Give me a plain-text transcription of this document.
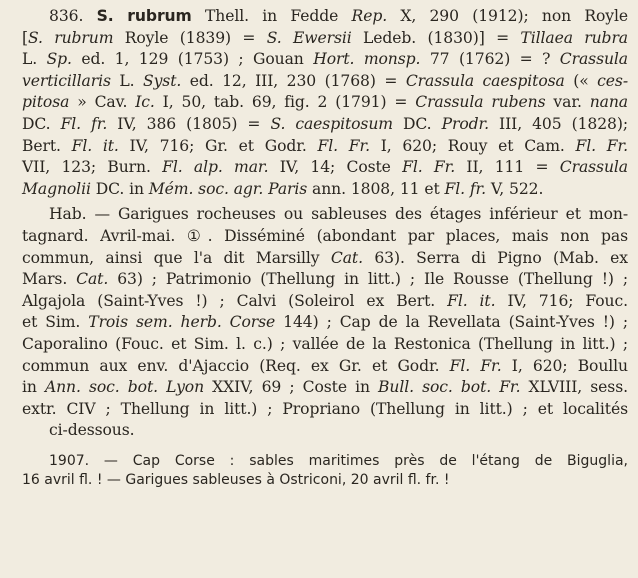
836. S. rubrum Thell. in Fedde Rep. X, 290 (1912); non Royle
[S. rubrum Royle (1839) = S. Ewersii Ledeb. (1830)] = Tillaea rubra
L. Sp. ed. 1, 129 (1753) ; Gouan Hort. monsp. 77 (1762) = ? Crassula
verticillaris L. Syst. ed. 12, III, 230 (1768) = Crassula caespitosa (« ces-
pitosa » Cav. Ic. I, 50, tab. 69, fig. 2 (1791) = Crassula rubens var. nana
DC. Fl. fr. IV, 386 (1805) = S. caespitosum DC. Prodr. III, 405 (1828);
Bert. Fl. it. IV, 716; Gr. et Godr. Fl. Fr. I, 620; Rouy et Cam. Fl. Fr.
VII, 123; Burn. Fl. alp. mar. IV, 14; Coste Fl. Fr. II, 111 = Crassula
Magnolii DC. in Mém. soc. agr. Paris ann. 1808, 11 et Fl. fr. V, 522.
Hab. — Garigues rocheuses ou sableuses des étages inférieur et mon-
tagnard. Avril-mai. ①. Disséminé (abondant par places, mais non pas
commun, ainsi que l'a dit Marsilly Cat. 63). Serra di Pigno (Mab. ex
Mars. Cat. 63) ; Patrimonio (Thellung in litt.) ; Ile Rousse (Thellung !) ;
Algajola (Saint-Yves !) ; Calvi (Soleirol ex Bert. Fl. it. IV, 716; Fouc.
et Sim. Trois sem. herb. Corse 144) ; Cap de la Revellata (Saint-Yves !) ;
Caporalino (Fouc. et Sim. l. c.) ; vallée de la Restonica (Thellung in litt.) ;
commun aux env. d'Ajaccio (Req. ex Gr. et Godr. Fl. Fr. I, 620; Boullu
in Ann. soc. bot. Lyon XXIV, 69 ; Coste in Bull. soc. bot. Fr. XLVIII, sess.
extr. CIV ; Thellung in litt.) ; Propriano (Thellung in litt.) ; et localités
ci-dessous.
1907. — Cap Corse : sables maritimes près de l'étang de Biguglia,
16 avril fl. ! — Garigues sableuses à Ostriconi, 20 avril fl. fr. !
